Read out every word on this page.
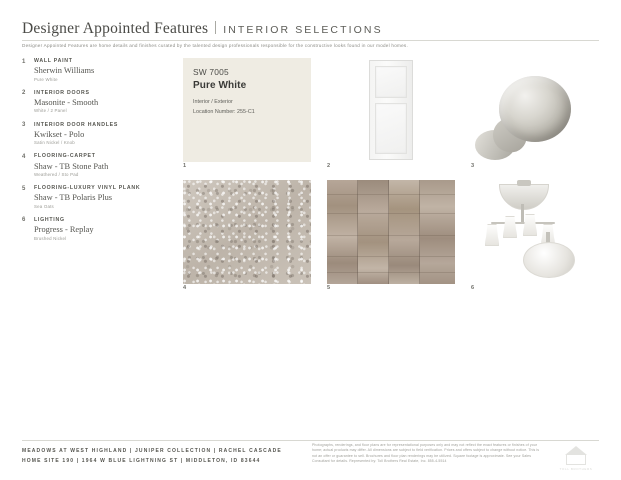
Designer Appointed Features INTERIOR SELECTIONS
Designer Appointed Features are home details and finishes curated by the talented design professionals responsible for the constructive looks found in our model homes.
1 WALL PAINT
Sherwin Williams
Pure White
2 INTERIOR DOORS
Masonite - Smooth
White / 2 Panel
3 INTERIOR DOOR HANDLES
Kwikset - Polo
Satin Nickel / Knob
4 FLOORING-CARPET
Shaw - TB Stone Path
Weathered / Sto Pad
5 FLOORING-LUXURY VINYL PLANK
Shaw - TB Polaris Plus
Sea Oats
6 LIGHTING
Progress - Replay
Brushed Nickel
SW 7005
Pure White
Interior / Exterior
Location Number: 255-C1
1	2	3
4	5	6
MEADOWS AT WEST HIGHLAND | JUNIPER COLLECTION | RACHEL CASCADE
HOME SITE 190 | 1964 W BLUE LIGHTNING ST | MIDDLETON, ID 83644
Photographs, renderings, and floor plans are for representational purposes only and may not reflect the exact features or finishes of your home; actual products may differ. All dimensions are subject to field verification. Prices and offers subject to change without notice. This is not an offer or guarantee to sell. Brochures and floor plan renderings may be utilized. Square footage is approximate. See your Sales Consultant for details. Represented by: Toll Brothers Real Estate, Inc. 855-4-5514
TOLL BROTHERS
